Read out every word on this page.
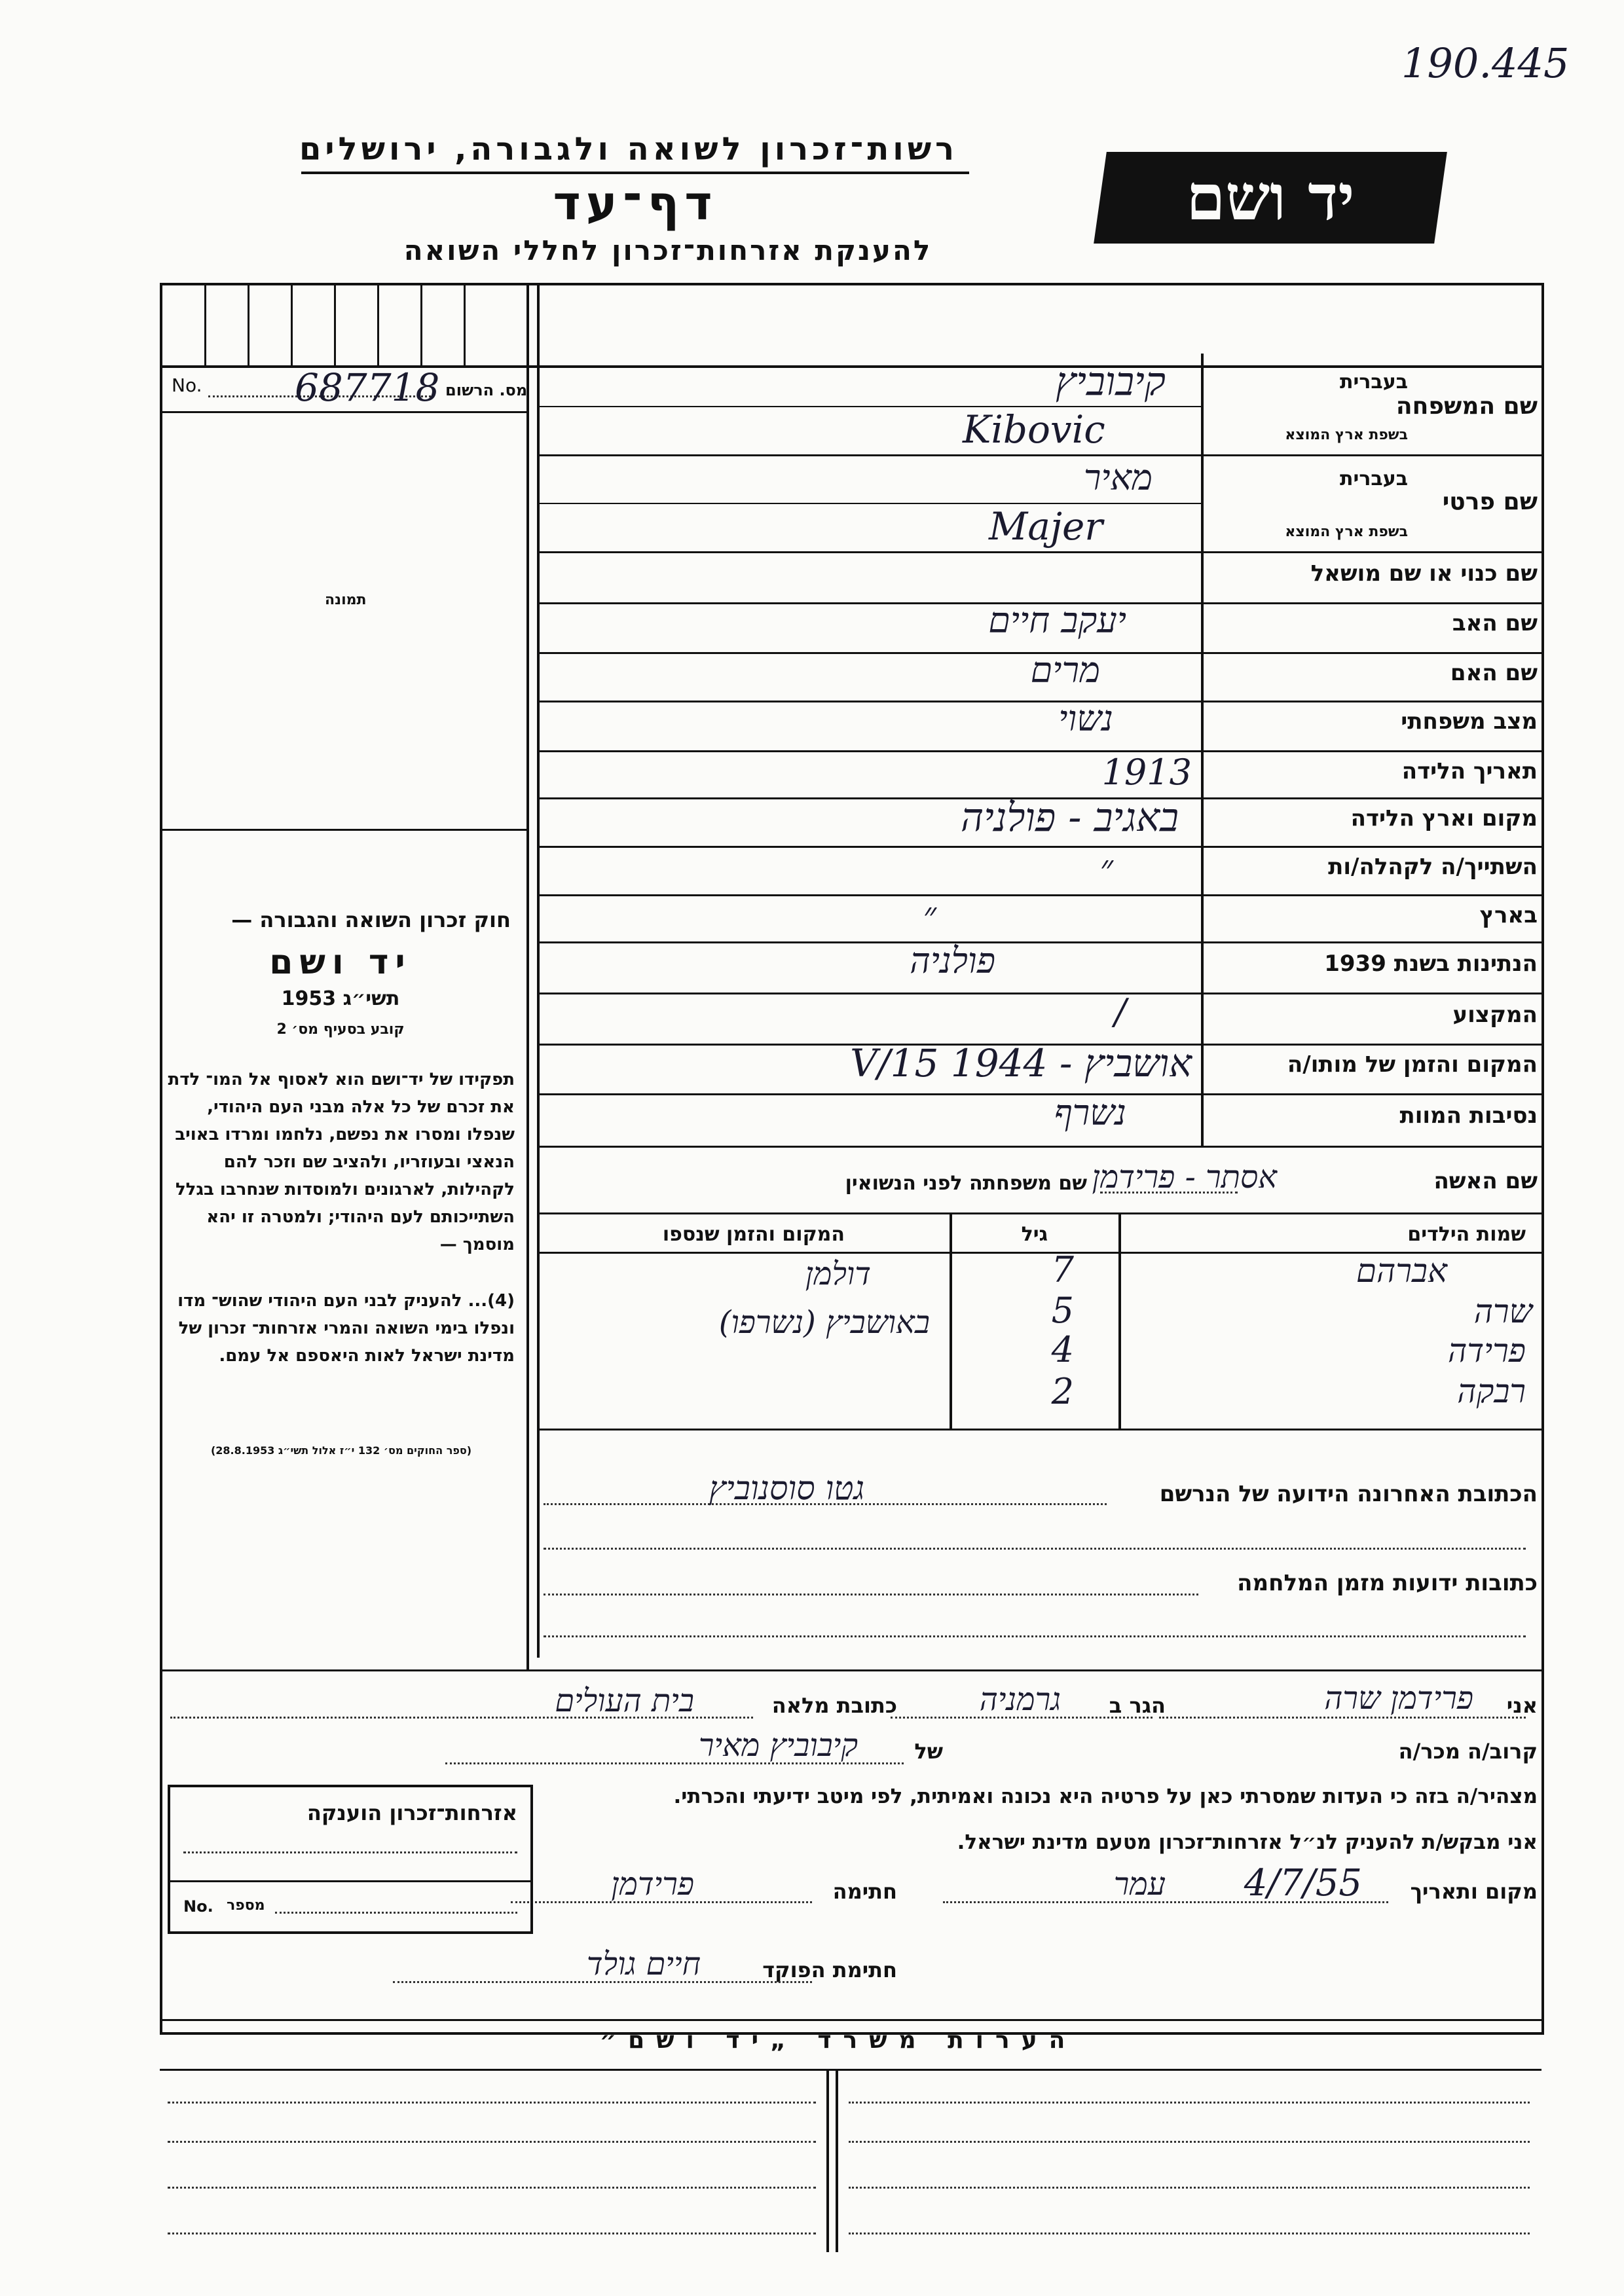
190.445
רשות־זכרון לשואה ולגבורה, ירושלים
דף־עד
להענקת אזרחות־זכרון לחללי השואה
יד ושם
No. 687718 מס. הרשום
תמונה
שם המשפחה
בעברית
בשפת ארץ המוצא
קיבוביץ
Kibovic
שם פרטי
בעברית
בשפת ארץ המוצא
מאיר
Majer
שם כנוי או שם מושאל
שם האב
יעקב חיים
שם האם
מרים
מצב משפחתי
נשוי
תאריך הלידה
1913
מקום וארץ הלידה
באגיב - פולניה
השתייך/ה לקהלה/ות
״
בארץ
״
הנתינות בשנת 1939
פולניה
המקצוע
/
המקום והזמן של מותו/ה
אושביץ - 1944 15/V
נסיבות המוות
נשרף
חוק זכרון השואה והגבורה —
יד ושם
תשי״ג 1953
קובע בסעיף מס׳ 2
תפקידו של יד־ושם הוא לאסוף אל המו־ לדת את זכרם של כל אלה מבני העם היהודי, שנפלו ומסרו את נפשם, נלחמו ומרדו באויב הנאצי ובעוזריו, ולהציב שם וזכר להם לקהילות, לארגונים ולמוסדות שנחרבו בגלל השתייכותם לעם היהודי; ולמטרה זו יהא מוסמך —
(4)... להעניק לבני העם היהודי שהוש־ מדו ונפלו בימי השואה והמרי אזרחות־ זכרון של מדינת ישראל לאות היאספם אל עמם.
(ספר החוקים מס׳ 132 י״ז אלול תשי״ג 28.8.1953)
שם האשה
שם משפחתה לפני הנשואין אסתר - פרידמן
שמות הילדים
גיל
המקום והזמן שנספו
אברהם
7
דולמן
שרה
5
באושביץ (נשרפו)
פרידה
4
רבקה
2
הכתובת האחרונה הידועה של הנרשם
גטו סוסנוביץ
כתובות ידועות מזמן המלחמה
אני
פרידמן שרה
הגר ב
גרמניה
כתובת מלאה
בית העולים
קרוב/ה מכר/ה
של
קיבוביץ מאיר
מצהיר/ה בזה כי העדות שמסרתי כאן על פרטיה היא נכונה ואמיתית, לפי מיטב ידיעתי והכרתי.
אני מבקש/ת להעניק לנ״ל אזרחות־זכרון מטעם מדינת ישראל.
מקום ותאריך
עמר 4/7/55
חתימה
פרידמן
חתימת הפוקד
חיים גולד
אזרחות־זכרון הוענקה
No. מספר
הערות משרד „יד ושם״
